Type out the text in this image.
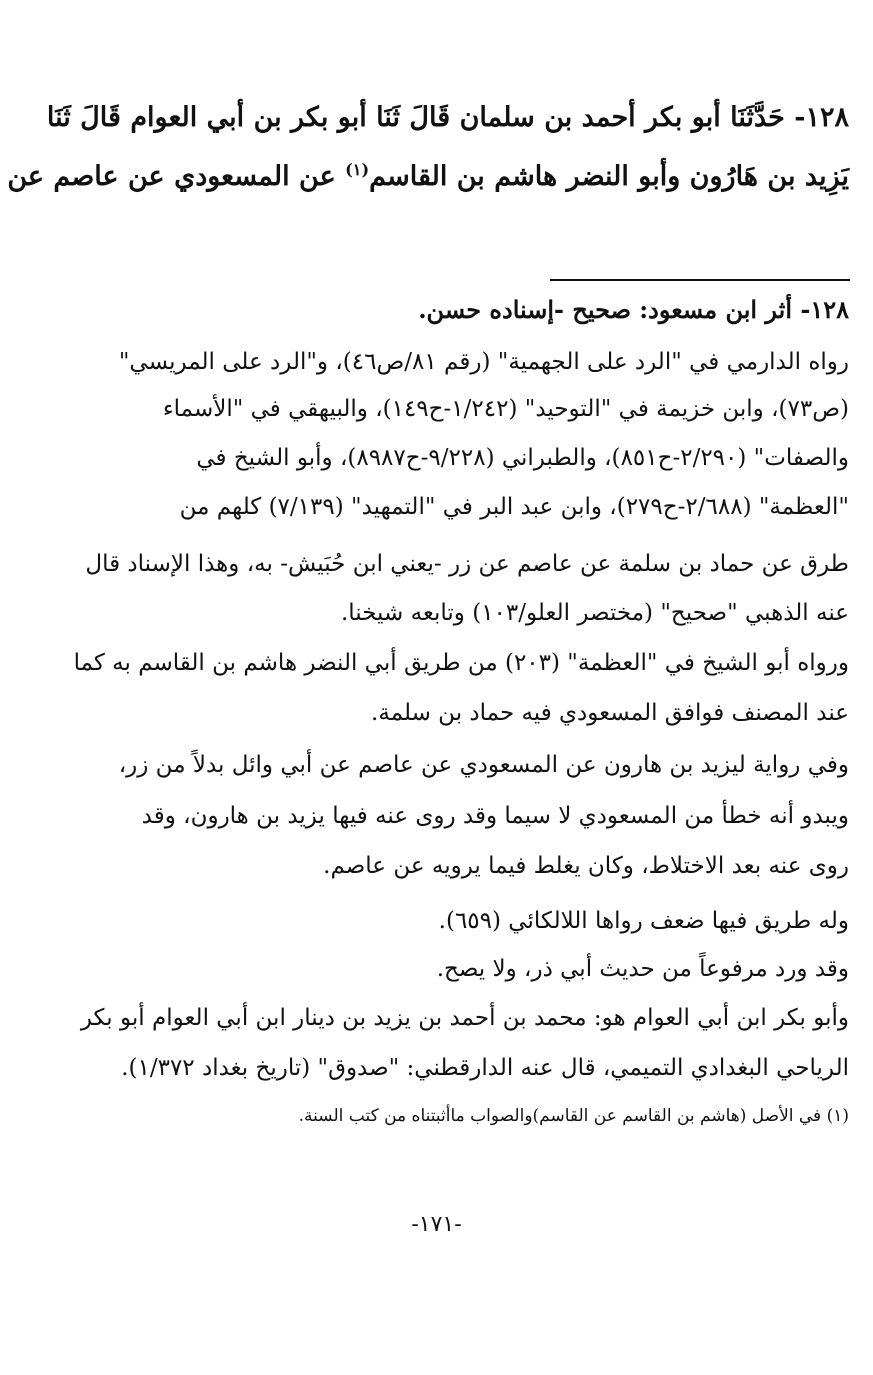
١٢٨- حَدَّثَنَا أبو بكر أحمد بن سلمان قَالَ ثَنَا أبو بكر بن أبي العوام قَالَ ثَنَا
يَزِيد بن هَارُون وأبو النضر هاشم بن القاسم$^{(١)}$ عن المسعودي عن عاصم عن
١٢٨- أثر ابن مسعود: صحيح -إسناده حسن.
رواه الدارمي في "الرد على الجهمية" (رقم ٨١/ص٤٦)، و"الرد على المريسي"
(ص٧٣)، وابن خزيمة في "التوحيد" (١/٢٤٢-ح١٤٩)، والبيهقي في "الأسماء
والصفات" (٢/٢٩٠-ح٨٥١)، والطبراني (٩/٢٢٨-ح٨٩٨٧)، وأبو الشيخ في
"العظمة" (٢/٦٨٨-ح٢٧٩)، وابن عبد البر في "التمهيد" (٧/١٣٩) كلهم من
طرق عن حماد بن سلمة عن عاصم عن زر -يعني ابن حُبَيش- به، وهذا الإسناد قال
عنه الذهبي "صحيح" (مختصر العلو/١٠٣) وتابعه شيخنا.
ورواه أبو الشيخ في "العظمة" (٢٠٣) من طريق أبي النضر هاشم بن القاسم به كما
عند المصنف فوافق المسعودي فيه حماد بن سلمة.
وفي رواية ليزيد بن هارون عن المسعودي عن عاصم عن أبي وائل بدلاً من زر،
ويبدو أنه خطأ من المسعودي لا سيما وقد روى عنه فيها يزيد بن هارون، وقد
روى عنه بعد الاختلاط، وكان يغلط فيما يرويه عن عاصم.
وله طريق فيها ضعف رواها اللالكائي (٦٥٩).
وقد ورد مرفوعاً من حديث أبي ذر، ولا يصح.
وأبو بكر ابن أبي العوام هو: محمد بن أحمد بن يزيد بن دينار ابن أبي العوام أبو بكر
الرياحي البغدادي التميمي، قال عنه الدارقطني: "صدوق" (تاريخ بغداد ١/٣٧٢).
(١) في الأصل (هاشم بن القاسم عن القاسم)والصواب ماأثبتناه من كتب السنة.
-١٧١-
